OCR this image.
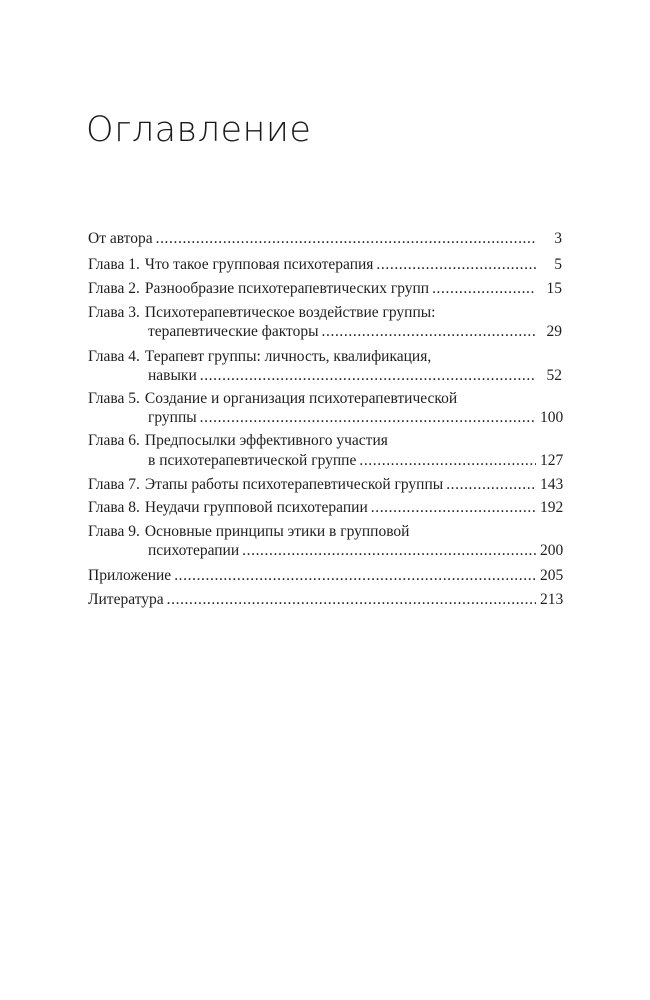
Оглавление
От автора .....	3
Глава 1. Что такое групповая психотерапия .....	5
Глава 2. Разнообразие психотерапевтических групп .....	15
Глава 3. Психотерапевтическое воздействие группы:
терапевтические факторы .....	29
Глава 4. Терапевт группы: личность, квалификация,
навыки .....	52
Глава 5. Создание и организация психотерапевтической
группы .....	100
Глава 6. Предпосылки эффективного участия
в психотерапевтической группе .....	127
Глава 7. Этапы работы психотерапевтической группы .....	143
Глава 8. Неудачи групповой психотерапии .....	192
Глава 9. Основные принципы этики в групповой
психотерапии .....	200
Приложение .....	205
Литература .....	213
